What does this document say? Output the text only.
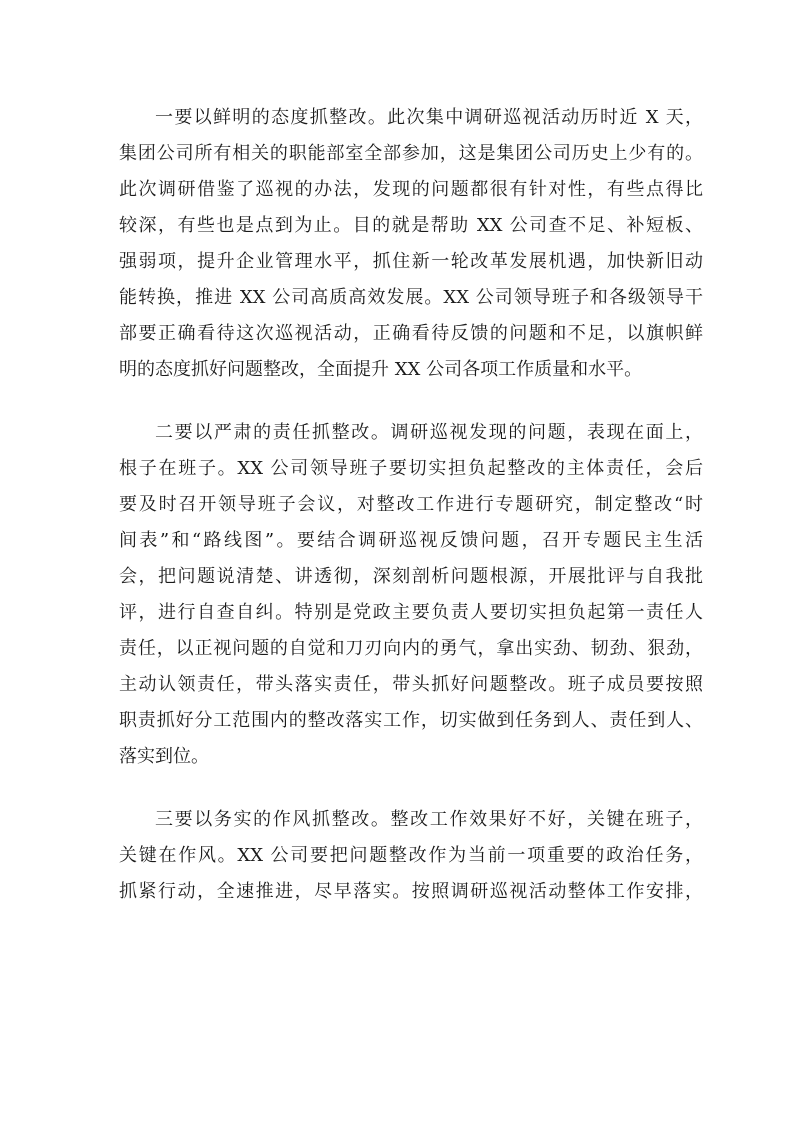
一要以鲜明的态度抓整改。此次集中调研巡视活动历时近 X 天，
集团公司所有相关的职能部室全部参加，这是集团公司历史上少有的。
此次调研借鉴了巡视的办法，发现的问题都很有针对性，有些点得比
较深，有些也是点到为止。目的就是帮助 XX 公司查不足、补短板、
强弱项，提升企业管理水平，抓住新一轮改革发展机遇，加快新旧动
能转换，推进 XX 公司高质高效发展。XX 公司领导班子和各级领导干
部要正确看待这次巡视活动，正确看待反馈的问题和不足，以旗帜鲜
明的态度抓好问题整改，全面提升 XX 公司各项工作质量和水平。
二要以严肃的责任抓整改。调研巡视发现的问题，表现在面上，
根子在班子。XX 公司领导班子要切实担负起整改的主体责任，会后
要及时召开领导班子会议，对整改工作进行专题研究，制定整改“时
间表”和“路线图”。要结合调研巡视反馈问题，召开专题民主生活
会，把问题说清楚、讲透彻，深刻剖析问题根源，开展批评与自我批
评，进行自查自纠。特别是党政主要负责人要切实担负起第一责任人
责任，以正视问题的自觉和刀刃向内的勇气，拿出实劲、韧劲、狠劲，
主动认领责任，带头落实责任，带头抓好问题整改。班子成员要按照
职责抓好分工范围内的整改落实工作，切实做到任务到人、责任到人、
落实到位。
三要以务实的作风抓整改。整改工作效果好不好，关键在班子，
关键在作风。XX 公司要把问题整改作为当前一项重要的政治任务，
抓紧行动，全速推进，尽早落实。按照调研巡视活动整体工作安排，
